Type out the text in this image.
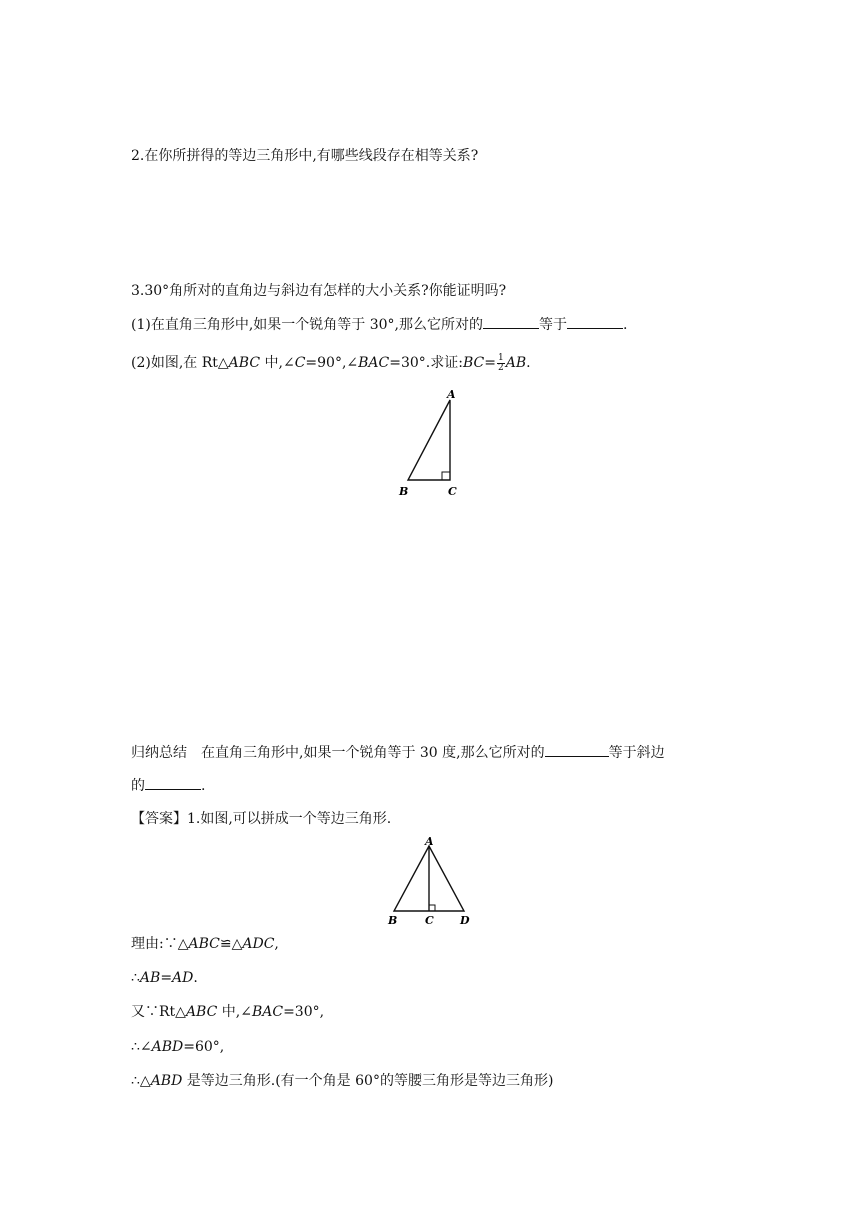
2.在你所拼得的等边三角形中,有哪些线段存在相等关系?
3.30°角所对的直角边与斜边有怎样的大小关系?你能证明吗?
(1)在直角三角形中,如果一个锐角等于 30°,那么它所对的	等于	.
(2)如图,在 Rt△ABC 中,∠C=90°,∠BAC=30°.求证:BC= $\frac{1}{2}$ AB.
A
B	C
归纳总结 在直角三角形中,如果一个锐角等于 30 度,那么它所对的	等于斜边
的	.
【答案】1.如图,可以拼成一个等边三角形.
A
B	C D
理由:∵△ABC≌△ADC,
∴AB=AD.
又∵Rt△ABC 中,∠BAC=30°,
∴∠ABD=60°,
∴△ABD 是等边三角形.(有一个角是 60°的等腰三角形是等边三角形)
